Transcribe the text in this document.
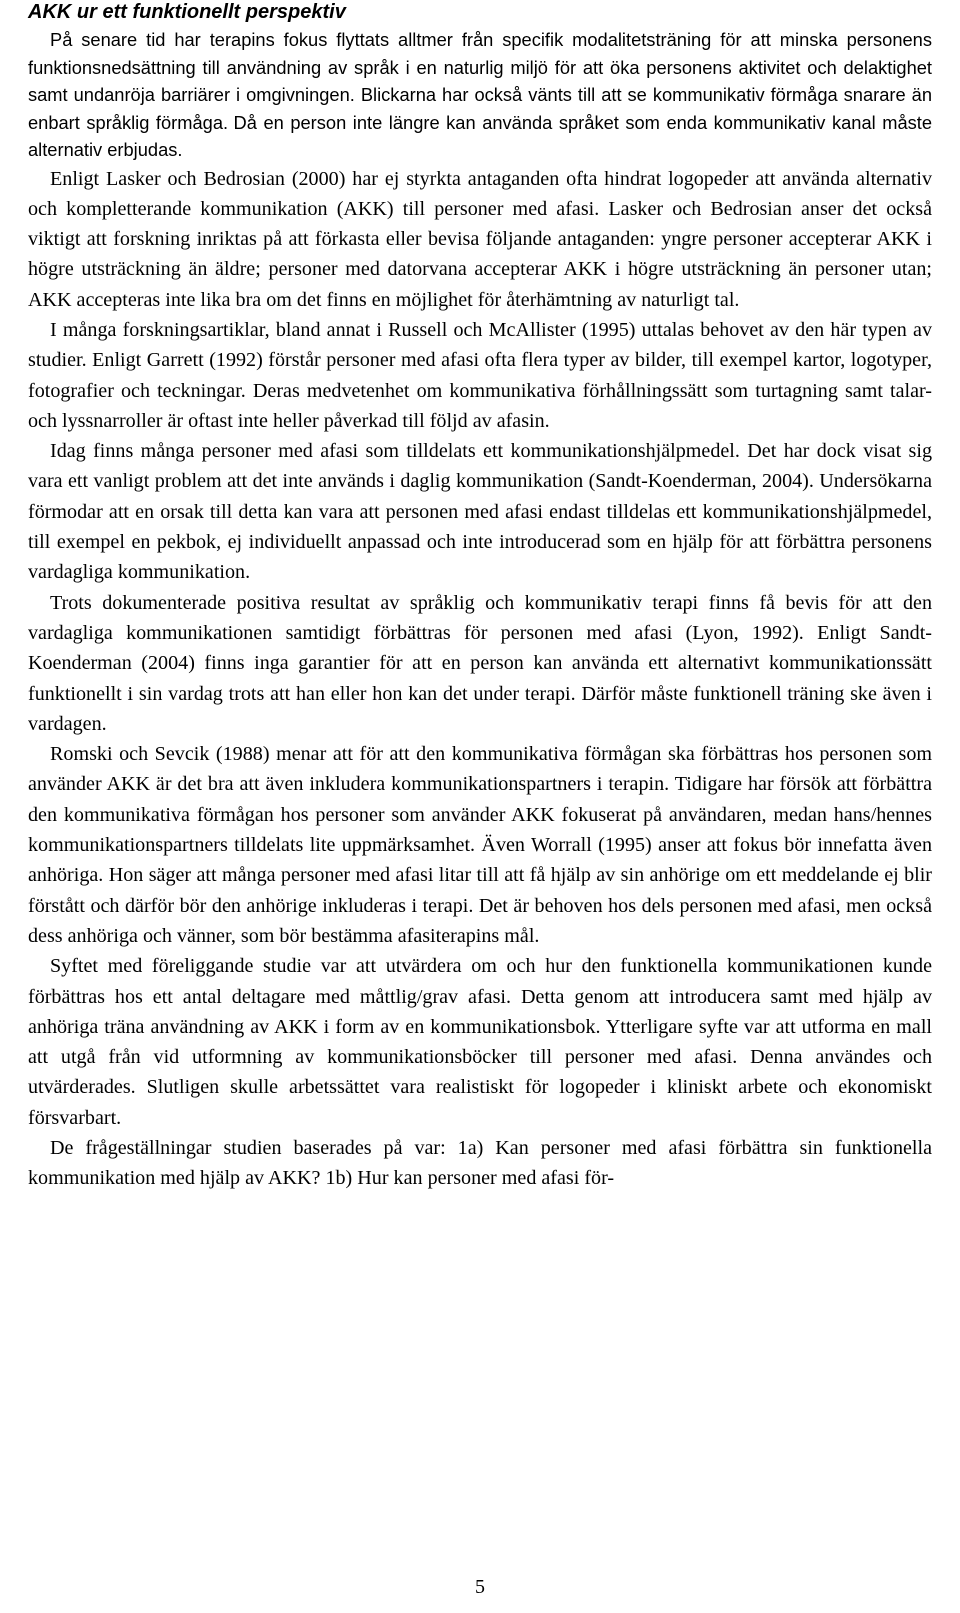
AKK ur ett funktionellt perspektiv

På senare tid har terapins fokus flyttats alltmer från specifik modalitetsträning för att minska personens funktionsnedsättning till användning av språk i en naturlig miljö för att öka personens aktivitet och delaktighet samt undanröja barriärer i omgivningen. Blickarna har också vänts till att se kommunikativ förmåga snarare än enbart språklig förmåga. Då en person inte längre kan använda språket som enda kommunikativ kanal måste alternativ erbjudas.

Enligt Lasker och Bedrosian (2000) har ej styrkta antaganden ofta hindrat logopeder att använda alternativ och kompletterande kommunikation (AKK) till personer med afasi. Lasker och Bedrosian anser det också viktigt att forskning inriktas på att förkasta eller bevisa följande antaganden: yngre personer accepterar AKK i högre utsträckning än äldre; personer med datorvana accepterar AKK i högre utsträckning än personer utan; AKK accepteras inte lika bra om det finns en möjlighet för återhämtning av naturligt tal.

I många forskningsartiklar, bland annat i Russell och McAllister (1995) uttalas behovet av den här typen av studier. Enligt Garrett (1992) förstår personer med afasi ofta flera typer av bilder, till exempel kartor, logotyper, fotografier och teckningar. Deras medvetenhet om kommunikativa förhållningssätt som turtagning samt talar- och lyssnarroller är oftast inte heller påverkad till följd av afasin.

Idag finns många personer med afasi som tilldelats ett kommunikationshjälpmedel. Det har dock visat sig vara ett vanligt problem att det inte används i daglig kommunikation (Sandt-Koenderman, 2004). Undersökarna förmodar att en orsak till detta kan vara att personen med afasi endast tilldelas ett kommunikationshjälpmedel, till exempel en pekbok, ej individuellt anpassad och inte introducerad som en hjälp för att förbättra personens vardagliga kommunikation.

Trots dokumenterade positiva resultat av språklig och kommunikativ terapi finns få bevis för att den vardagliga kommunikationen samtidigt förbättras för personen med afasi (Lyon, 1992). Enligt Sandt-Koenderman (2004) finns inga garantier för att en person kan använda ett alternativt kommunikationssätt funktionellt i sin vardag trots att han eller hon kan det under terapi. Därför måste funktionell träning ske även i vardagen.

Romski och Sevcik (1988) menar att för att den kommunikativa förmågan ska förbättras hos personen som använder AKK är det bra att även inkludera kommunikationspartners i terapin. Tidigare har försök att förbättra den kommunikativa förmågan hos personer som använder AKK fokuserat på användaren, medan hans/hennes kommunikationspartners tilldelats lite uppmärksamhet. Även Worrall (1995) anser att fokus bör innefatta även anhöriga. Hon säger att många personer med afasi litar till att få hjälp av sin anhörige om ett meddelande ej blir förstått och därför bör den anhörige inkluderas i terapi. Det är behoven hos dels personen med afasi, men också dess anhöriga och vänner, som bör bestämma afasiterapins mål.

Syftet med föreliggande studie var att utvärdera om och hur den funktionella kommunikationen kunde förbättras hos ett antal deltagare med måttlig/grav afasi. Detta genom att introducera samt med hjälp av anhöriga träna användning av AKK i form av en kommunikationsbok. Ytterligare syfte var att utforma en mall att utgå från vid utformning av kommunikationsböcker till personer med afasi. Denna användes och utvärderades. Slutligen skulle arbetssättet vara realistiskt för logopeder i kliniskt arbete och ekonomiskt försvarbart.

De frågeställningar studien baserades på var: 1a) Kan personer med afasi förbättra sin funktionella kommunikation med hjälp av AKK? 1b) Hur kan personer med afasi för-

5
